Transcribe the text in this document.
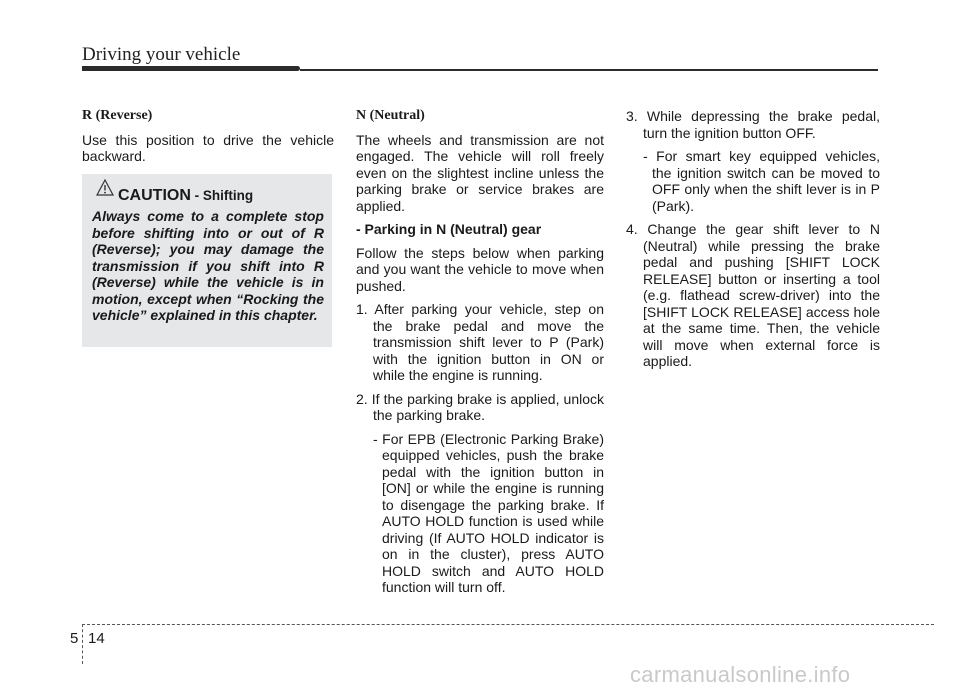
Driving your vehicle
R (Reverse)

Use this position to drive the vehicle backward.

CAUTION - Shifting
Always come to a complete stop before shifting into or out of R (Reverse); you may damage the transmission if you shift into R (Reverse) while the vehicle is in motion, except when “Rocking the vehicle” explained in this chapter.
N (Neutral)

The wheels and transmission are not engaged. The vehicle will roll freely even on the slightest incline unless the parking brake or service brakes are applied.

- Parking in N (Neutral) gear

Follow the steps below when parking and you want the vehicle to move when pushed.

1. After parking your vehicle, step on the brake pedal and move the transmission shift lever to P (Park) with the ignition button in ON or while the engine is running.
2. If the parking brake is applied, unlock the parking brake.
- For EPB (Electronic Parking Brake) equipped vehicles, push the brake pedal with the ignition button in [ON] or while the engine is running to disengage the parking brake. If AUTO HOLD function is used while driving (If AUTO HOLD indicator is on in the cluster), press AUTO HOLD switch and AUTO HOLD function will turn off.
3. While depressing the brake pedal, turn the ignition button OFF.
- For smart key equipped vehicles, the ignition switch can be moved to OFF only when the shift lever is in P (Park).
4. Change the gear shift lever to N (Neutral) while pressing the brake pedal and pushing [SHIFT LOCK RELEASE] button or inserting a tool (e.g. flathead screw-driver) into the [SHIFT LOCK RELEASE] access hole at the same time. Then, the vehicle will move when external force is applied.
5 14
carmanualsonline.info
